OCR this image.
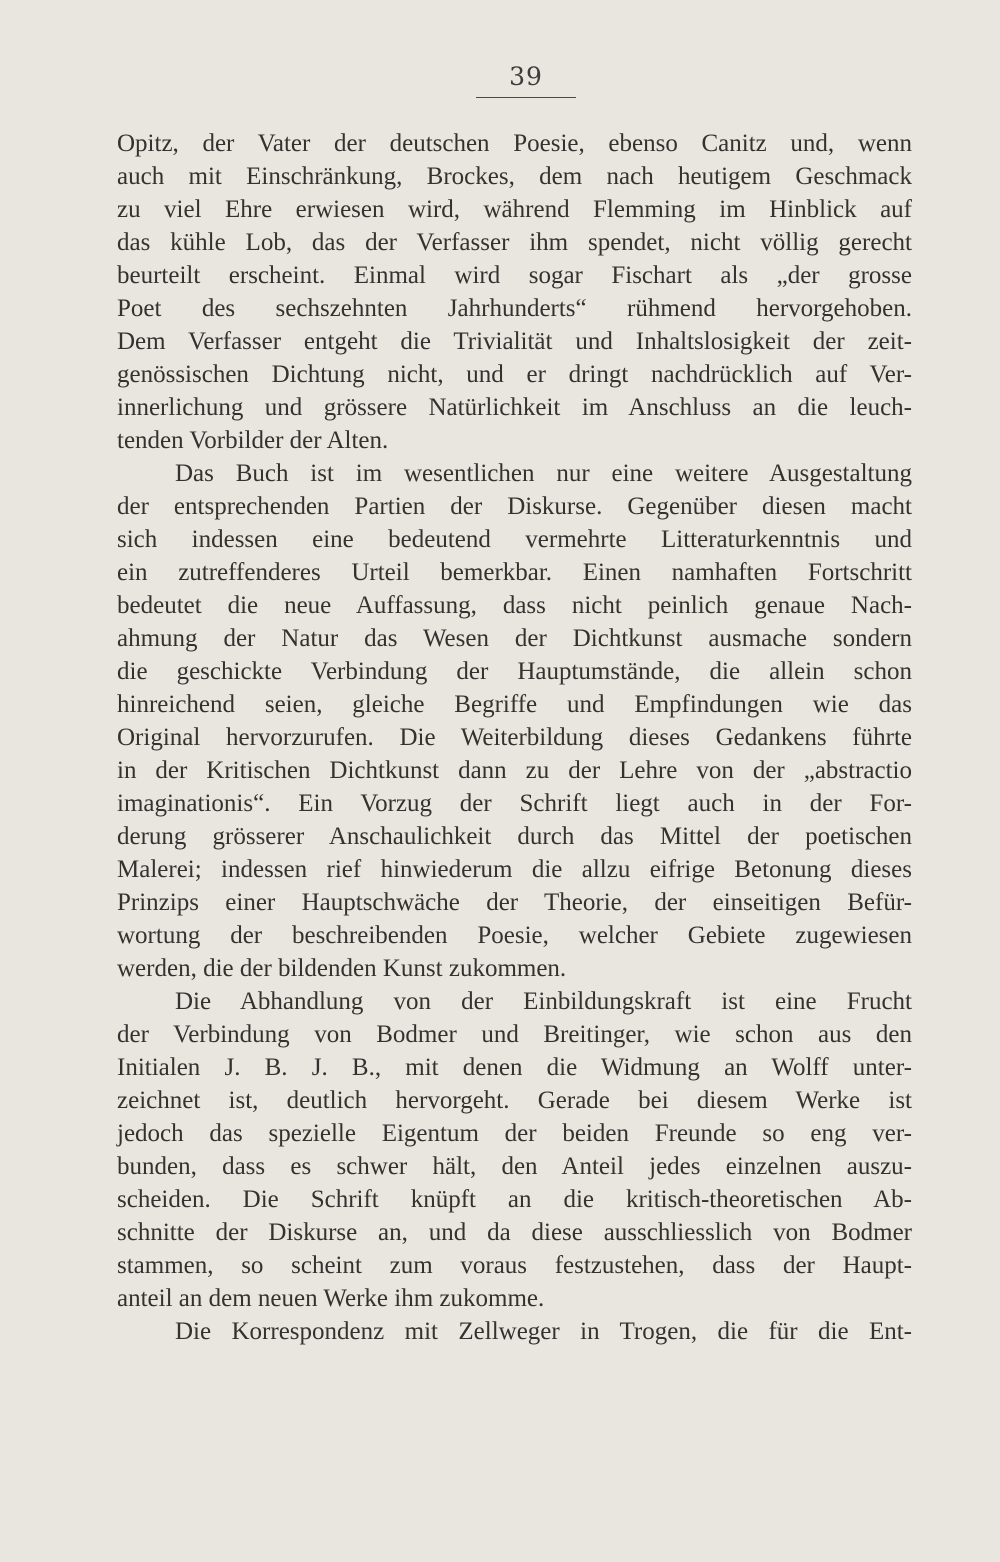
39
Opitz, der Vater der deutschen Poesie, ebenso Canitz und, wenn
auch mit Einschränkung, Brockes, dem nach heutigem Geschmack
zu viel Ehre erwiesen wird, während Flemming im Hinblick auf
das kühle Lob, das der Verfasser ihm spendet, nicht völlig gerecht
beurteilt erscheint. Einmal wird sogar Fischart als „der grosse
Poet des sechszehnten Jahrhunderts“ rühmend hervorgehoben.
Dem Verfasser entgeht die Trivialität und Inhaltslosigkeit der zeit-
genössischen Dichtung nicht, und er dringt nachdrücklich auf Ver-
innerlichung und grössere Natürlichkeit im Anschluss an die leuch-
tenden Vorbilder der Alten.
Das Buch ist im wesentlichen nur eine weitere Ausgestaltung
der entsprechenden Partien der Diskurse. Gegenüber diesen macht
sich indessen eine bedeutend vermehrte Litteraturkenntnis und
ein zutreffenderes Urteil bemerkbar. Einen namhaften Fortschritt
bedeutet die neue Auffassung, dass nicht peinlich genaue Nach-
ahmung der Natur das Wesen der Dichtkunst ausmache sondern
die geschickte Verbindung der Hauptumstände, die allein schon
hinreichend seien, gleiche Begriffe und Empfindungen wie das
Original hervorzurufen. Die Weiterbildung dieses Gedankens führte
in der Kritischen Dichtkunst dann zu der Lehre von der „abstractio
imaginationis“. Ein Vorzug der Schrift liegt auch in der For-
derung grösserer Anschaulichkeit durch das Mittel der poetischen
Malerei; indessen rief hinwiederum die allzu eifrige Betonung dieses
Prinzips einer Hauptschwäche der Theorie, der einseitigen Befür-
wortung der beschreibenden Poesie, welcher Gebiete zugewiesen
werden, die der bildenden Kunst zukommen.
Die Abhandlung von der Einbildungskraft ist eine Frucht
der Verbindung von Bodmer und Breitinger, wie schon aus den
Initialen J. B. J. B., mit denen die Widmung an Wolff unter-
zeichnet ist, deutlich hervorgeht. Gerade bei diesem Werke ist
jedoch das spezielle Eigentum der beiden Freunde so eng ver-
bunden, dass es schwer hält, den Anteil jedes einzelnen auszu-
scheiden. Die Schrift knüpft an die kritisch-theoretischen Ab-
schnitte der Diskurse an, und da diese ausschliesslich von Bodmer
stammen, so scheint zum voraus festzustehen, dass der Haupt-
anteil an dem neuen Werke ihm zukomme.
Die Korrespondenz mit Zellweger in Trogen, die für die Ent-
